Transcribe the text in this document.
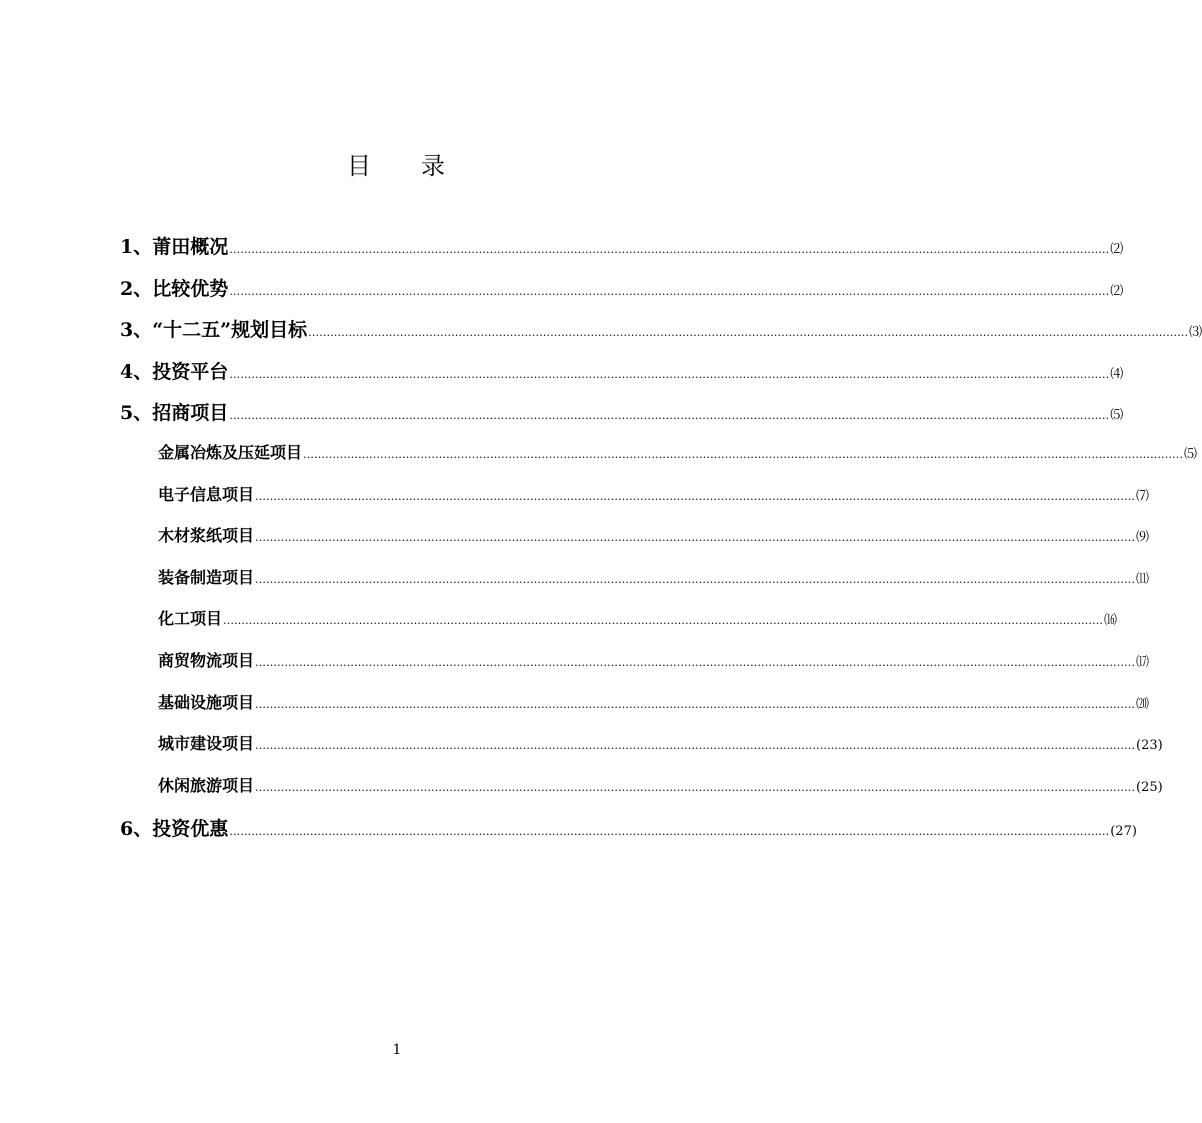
目 录
1、莆田概况 …………………………………………………………………………………………………………………………………………………………………………………………………………………… ⑵
2、比较优势 …………………………………………………………………………………………………………………………………………………………………………………………………………………… ⑵
3、“十二五”规划目标 …………………………………………………………………………………………………………………………………………………………………………………………………………………… ⑶
4、投资平台 …………………………………………………………………………………………………………………………………………………………………………………………………………………… ⑷
5、招商项目 …………………………………………………………………………………………………………………………………………………………………………………………………………………… ⑸
金属冶炼及压延项目 …………………………………………………………………………………………………………………………………………………………………………………………………………………… ⑸
电子信息项目 …………………………………………………………………………………………………………………………………………………………………………………………………………………… ⑺
木材浆纸项目 …………………………………………………………………………………………………………………………………………………………………………………………………………………… ⑼
装备制造项目 …………………………………………………………………………………………………………………………………………………………………………………………………………………… ⑾
化工项目 …………………………………………………………………………………………………………………………………………………………………………………………………………………… ⒃
商贸物流项目 …………………………………………………………………………………………………………………………………………………………………………………………………………………… ⒄
基础设施项目 …………………………………………………………………………………………………………………………………………………………………………………………………………………… ⒇
城市建设项目 …………………………………………………………………………………………………………………………………………………………………………………………………………………… (23)
休闲旅游项目 …………………………………………………………………………………………………………………………………………………………………………………………………………………… (25)
6、投资优惠 …………………………………………………………………………………………………………………………………………………………………………………………………………………… (27)
1
